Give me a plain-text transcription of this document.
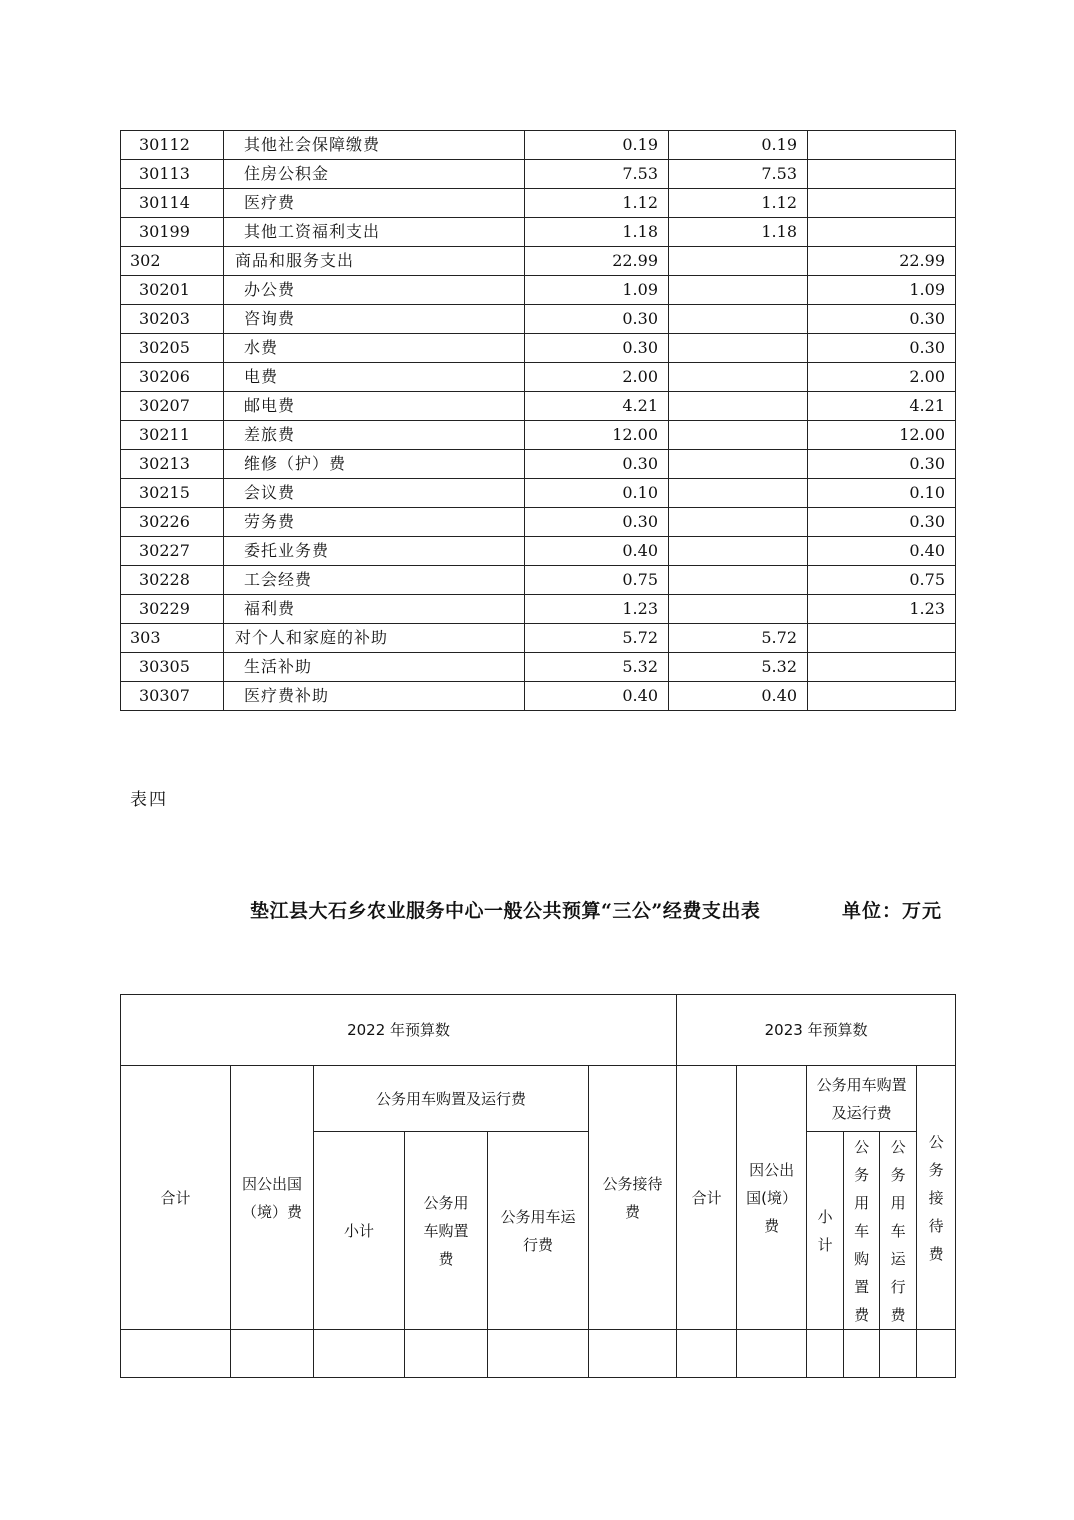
30112	其他社会保障缴费	0.19	0.19	
30113	住房公积金	7.53	7.53	
30114	医疗费	1.12	1.12	
30199	其他工资福利支出	1.18	1.18	
302	商品和服务支出	22.99		22.99
30201	办公费	1.09		1.09
30203	咨询费	0.30		0.30
30205	水费	0.30		0.30
30206	电费	2.00		2.00
30207	邮电费	4.21		4.21
30211	差旅费	12.00		12.00
30213	维修（护）费	0.30		0.30
30215	会议费	0.10		0.10
30226	劳务费	0.30		0.30
30227	委托业务费	0.40		0.40
30228	工会经费	0.75		0.75
30229	福利费	1.23		1.23
303	对个人和家庭的补助	5.72	5.72	
30305	生活补助	5.32	5.32	
30307	医疗费补助	0.40	0.40	
表四
垫江县大石乡农业服务中心一般公共预算“三公”经费支出表	单位：万元
2022 年预算数						2023 年预算数					
合计	因公出国（境）费	公务用车购置及运行费			公务接待费	合计	因公出国(境）费	公务用车购置及运行费			公务接待费
		小计	公务用车购置费	公务用车运行费				小计	公务用车购置费	公务用车运行费	
